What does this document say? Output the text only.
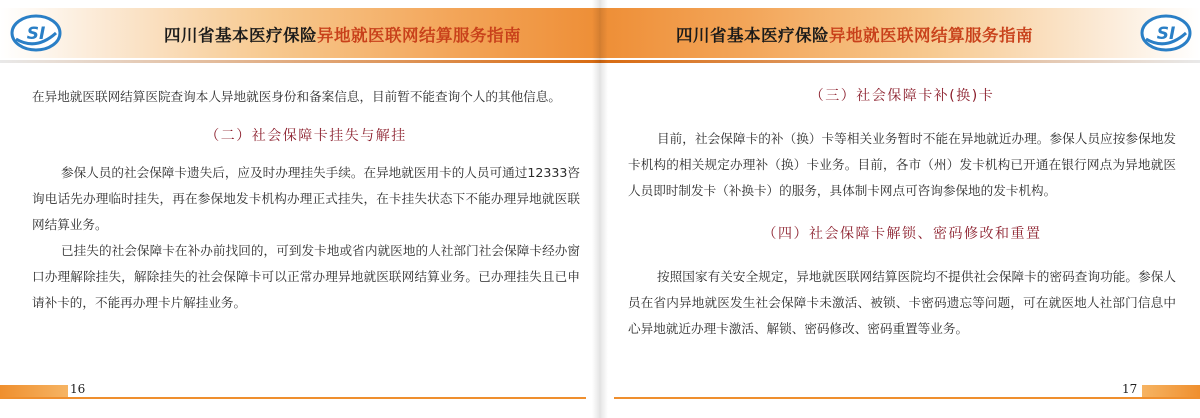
SI	四川省基本医疗保险异地就医联网结算服务指南

在异地就医联网结算医院查询本人异地就医身份和备案信息，目前暂不能查询个人的其他信息。

（二）社会保障卡挂失与解挂

参保人员的社会保障卡遗失后，应及时办理挂失手续。在异地就医用卡的人员可通过12333咨询电话先办理临时挂失，再在参保地发卡机构办理正式挂失，在卡挂失状态下不能办理异地就医联网结算业务。

已挂失的社会保障卡在补办前找回的，可到发卡地或省内就医地的人社部门社会保障卡经办窗口办理解除挂失，解除挂失的社会保障卡可以正常办理异地就医联网结算业务。已办理挂失且已申请补卡的，不能再办理卡片解挂业务。

16
四川省基本医疗保险异地就医联网结算服务指南	SI
（三）社会保障卡补(换)卡

目前，社会保障卡的补（换）卡等相关业务暂时不能在异地就近办理。参保人员应按参保地发卡机构的相关规定办理补（换）卡业务。目前，各市（州）发卡机构已开通在银行网点为异地就医人员即时制发卡（补换卡）的服务，具体制卡网点可咨询参保地的发卡机构。

（四）社会保障卡解锁、密码修改和重置

按照国家有关安全规定，异地就医联网结算医院均不提供社会保障卡的密码查询功能。参保人员在省内异地就医发生社会保障卡未激活、被锁、卡密码遗忘等问题，可在就医地人社部门信息中心异地就近办理卡激活、解锁、密码修改、密码重置等业务。

17
